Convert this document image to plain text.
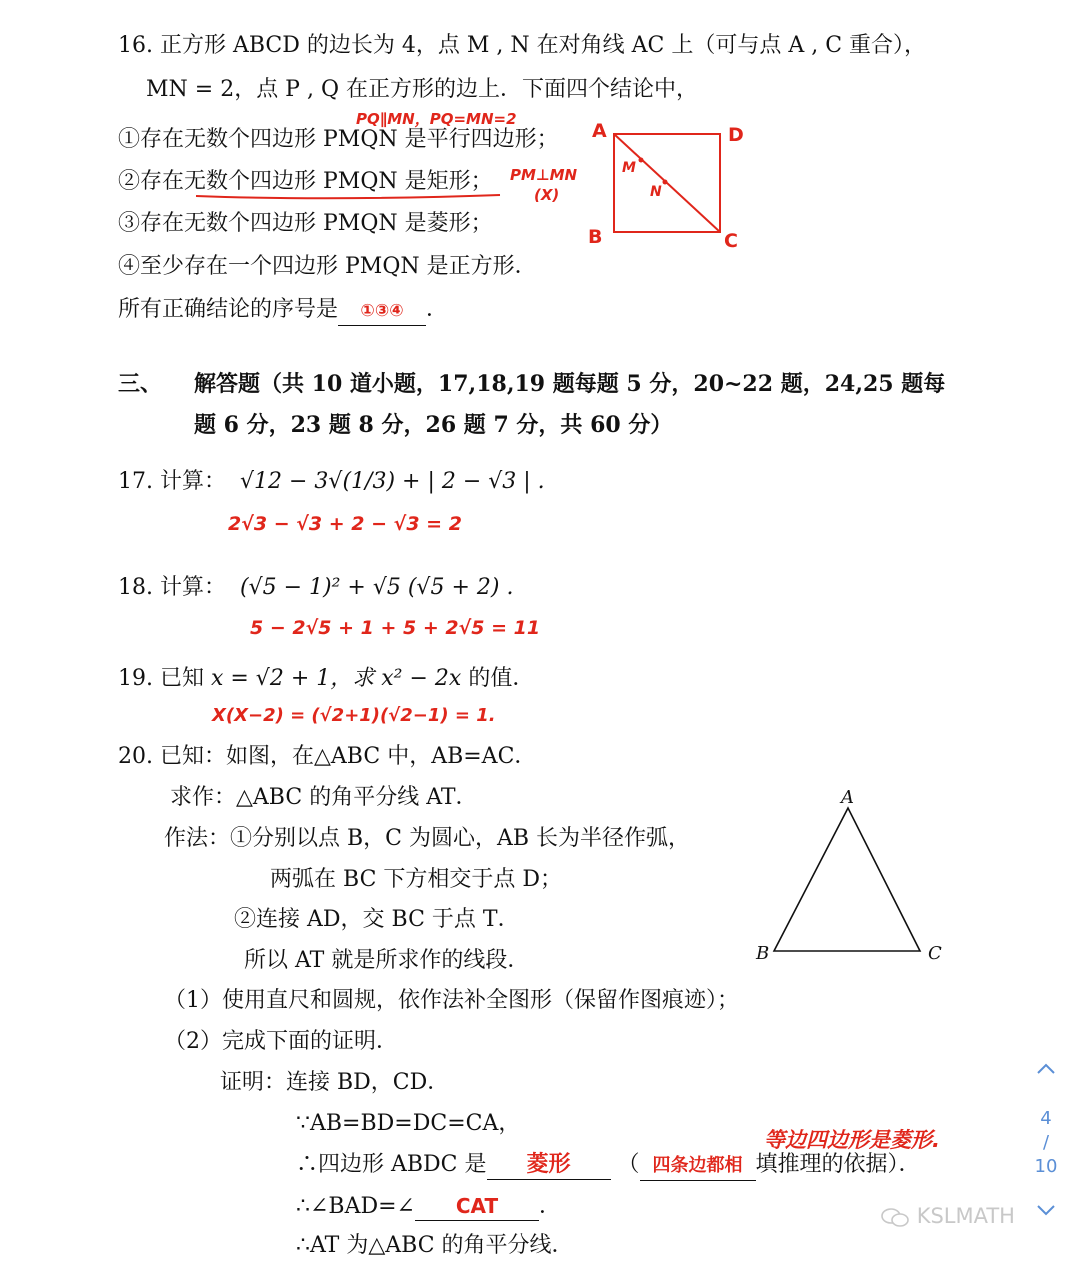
16. 正方形 ABCD 的边长为 4，点 M , N 在对角线 AC 上（可与点 A , C 重合），
MN = 2，点 P , Q 在正方形的边上．下面四个结论中，
PQ∥MN，PQ=MN=2
①存在无数个四边形 PMQN 是平行四边形；
②存在无数个四边形 PMQN 是矩形； PM⊥MN
(X)
③存在无数个四边形 PMQN 是菱形；
④至少存在一个四边形 PMQN 是正方形．
所有正确结论的序号是 ①③④ ．
A	D
B	C
M
N
三、 解答题（共 10 道小题，17,18,19 题每题 5 分，20~22 题，24,25 题每
题 6 分，23 题 8 分，26 题 7 分，共 60 分）
17. 计算： √12 − 3√(1/3) + | 2 − √3 | .
2√3 − √3 + 2 − √3 = 2
18. 计算： (√5 − 1)² + √5 (√5 + 2) .
5 − 2√5 + 1 + 5 + 2√5 = 11
19. 已知 x = √2 + 1，求 x² − 2x 的值．
X(X−2) = (√2+1)(√2−1) = 1.
20. 已知：如图，在△ABC 中，AB=AC．
求作：△ABC 的角平分线 AT．
作法：①分别以点 B，C 为圆心，AB 长为半径作弧，
两弧在 BC 下方相交于点 D；
②连接 AD，交 BC 于点 T．
所以 AT 就是所求作的线段．
A
B	C
（1）使用直尺和圆规，依作法补全图形（保留作图痕迹）；
（2）完成下面的证明．
证明：连接 BD，CD．
∵AB=BD=DC=CA，
等边四边形是菱形.
∴四边形 ABDC 是 菱形 （ 四条边都相 填推理的依据）．
∴∠BAD=∠ CAT ．
∴AT 为△ABC 的角平分线．
4
/
10
KSLMATH
